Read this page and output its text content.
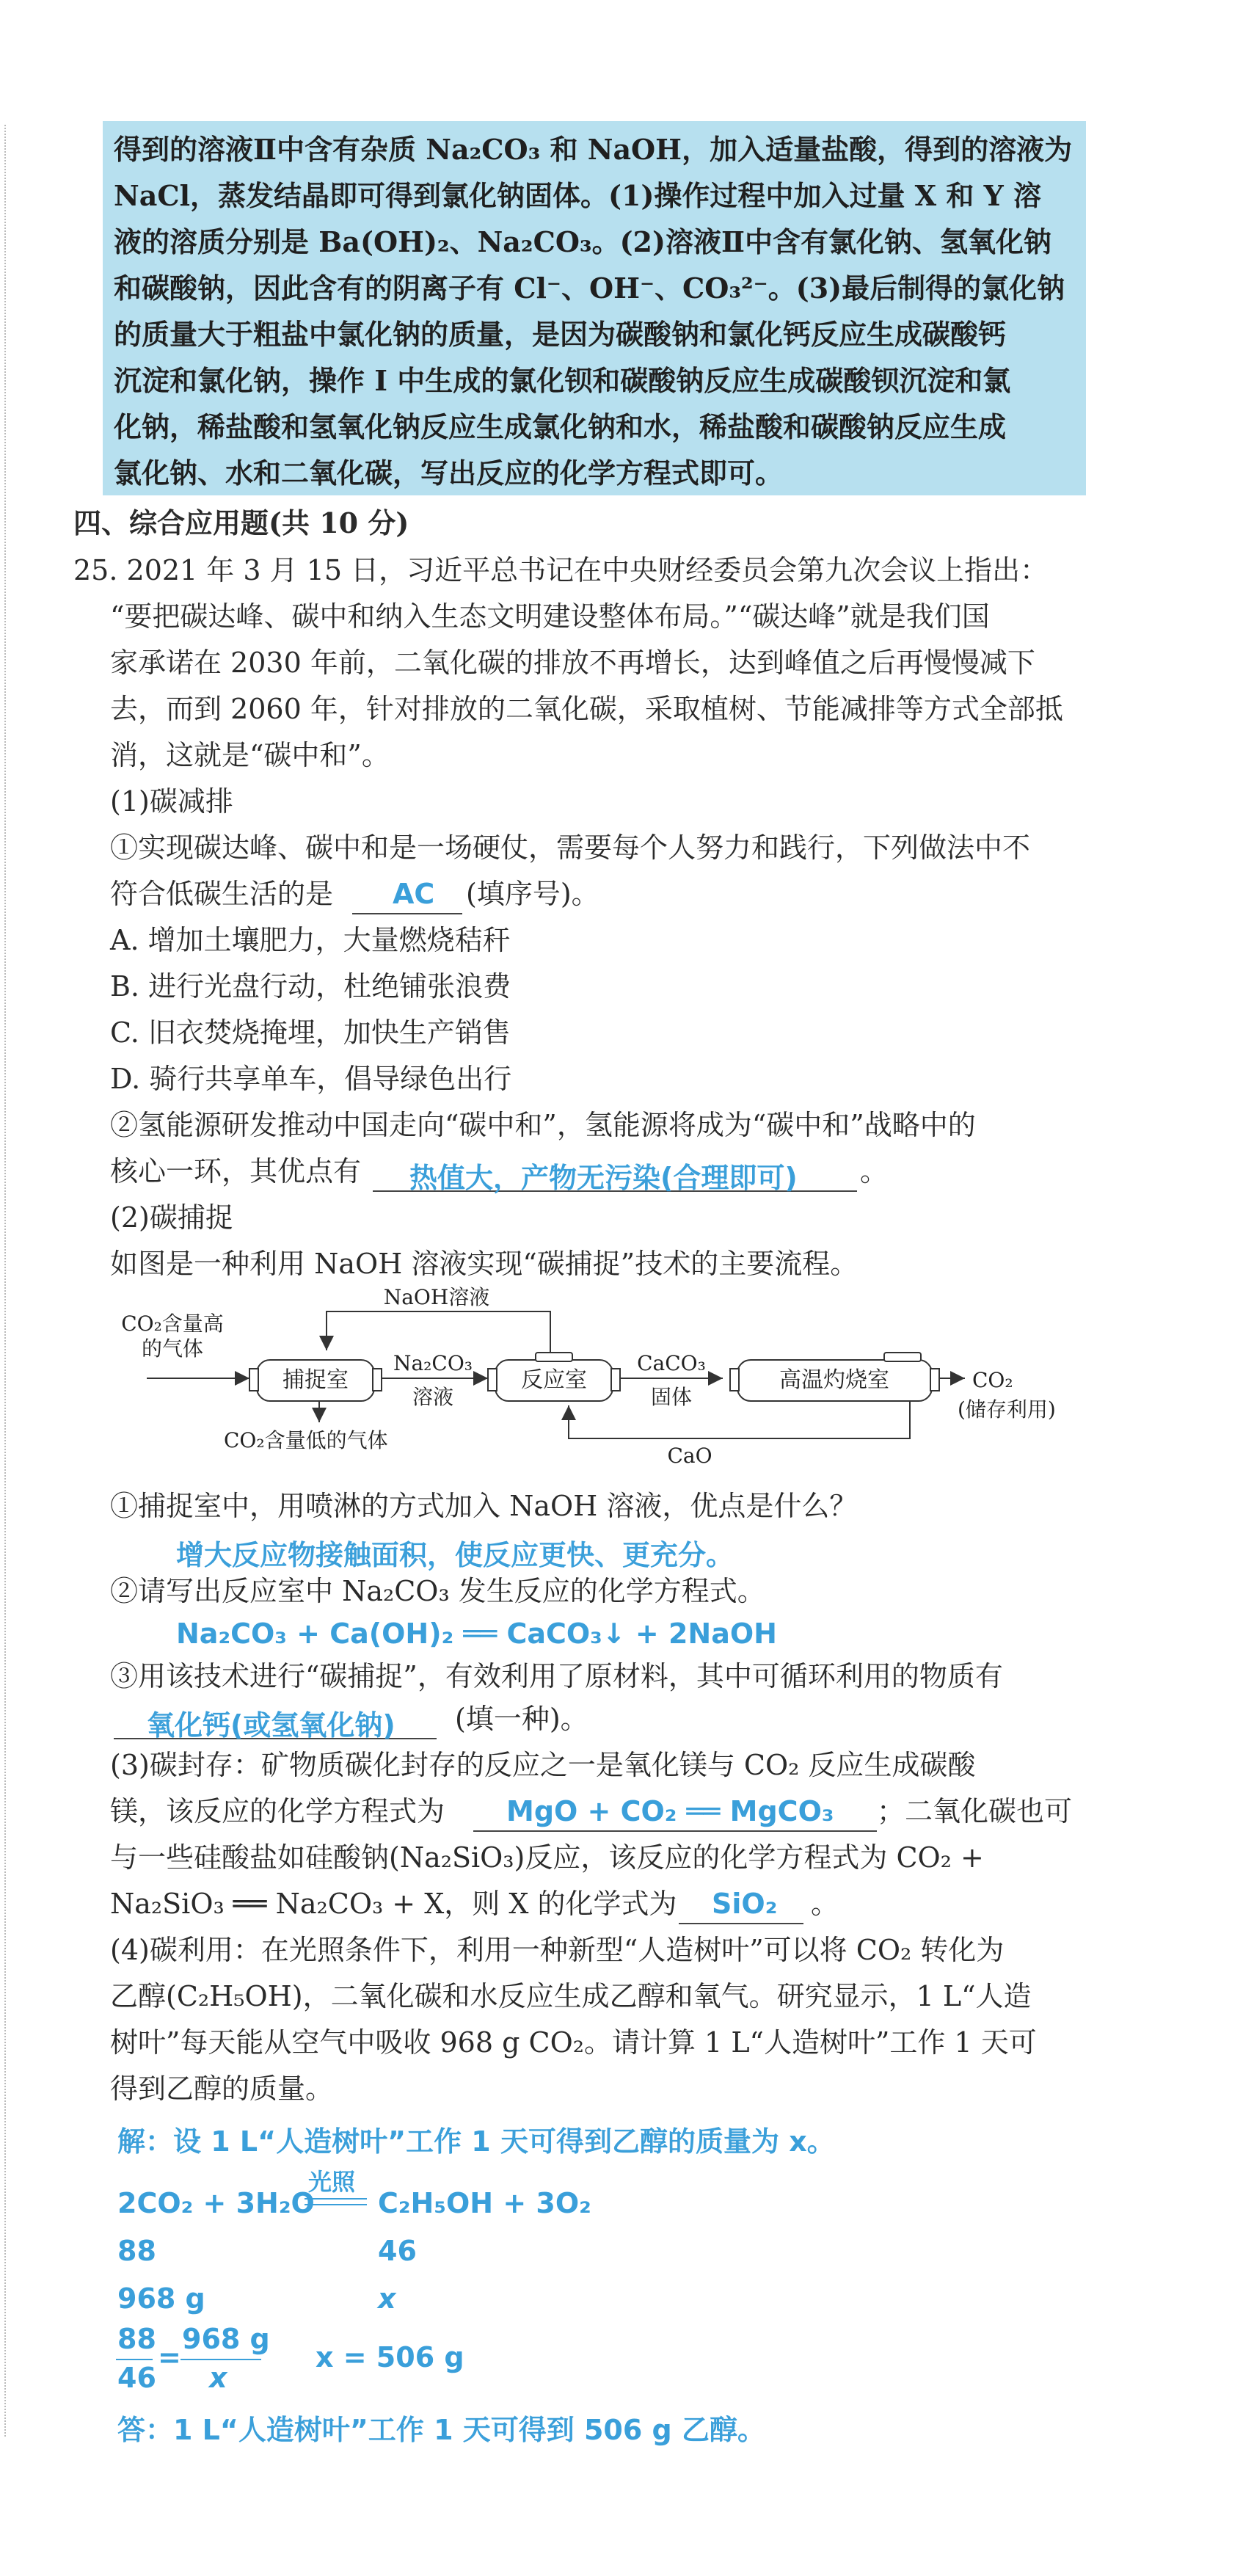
得到的溶液Ⅱ中含有杂质 Na₂CO₃ 和 NaOH，加入适量盐酸，得到的溶液为
NaCl，蒸发结晶即可得到氯化钠固体。(1)操作过程中加入过量 X 和 Y 溶
液的溶质分别是 Ba(OH)₂、Na₂CO₃。(2)溶液Ⅱ中含有氯化钠、氢氧化钠
和碳酸钠，因此含有的阴离子有 Cl⁻、OH⁻、CO₃²⁻。(3)最后制得的氯化钠
的质量大于粗盐中氯化钠的质量，是因为碳酸钠和氯化钙反应生成碳酸钙
沉淀和氯化钠，操作 Ⅰ 中生成的氯化钡和碳酸钠反应生成碳酸钡沉淀和氯
化钠，稀盐酸和氢氧化钠反应生成氯化钠和水，稀盐酸和碳酸钠反应生成
氯化钠、水和二氧化碳，写出反应的化学方程式即可。
四、综合应用题(共 10 分)
25. 2021 年 3 月 15 日，习近平总书记在中央财经委员会第九次会议上指出：
“要把碳达峰、碳中和纳入生态文明建设整体布局。”“碳达峰”就是我们国
家承诺在 2030 年前，二氧化碳的排放不再增长，达到峰值之后再慢慢减下
去，而到 2060 年，针对排放的二氧化碳，采取植树、节能减排等方式全部抵
消，这就是“碳中和”。
(1)碳减排
①实现碳达峰、碳中和是一场硬仗，需要每个人努力和践行，下列做法中不
符合低碳生活的是 AC (填序号)。
A. 增加土壤肥力，大量燃烧秸秆
B. 进行光盘行动，杜绝铺张浪费
C. 旧衣焚烧掩埋，加快生产销售
D. 骑行共享单车，倡导绿色出行
②氢能源研发推动中国走向“碳中和”，氢能源将成为“碳中和”战略中的
核心一环，其优点有 热值大，产物无污染(合理即可) 。
(2)碳捕捉
如图是一种利用 NaOH 溶液实现“碳捕捉”技术的主要流程。
捕捉室	反应室	高温灼烧室
NaOH溶液
CO₂含量高
的气体
Na₂CO₃
溶液
CaCO₃
固体
CO₂
(储存利用)
CO₂含量低的气体
CaO
①捕捉室中，用喷淋的方式加入 NaOH 溶液，优点是什么？
增大反应物接触面积，使反应更快、更充分。
②请写出反应室中 Na₂CO₃ 发生反应的化学方程式。
Na₂CO₃ + Ca(OH)₂ ══ CaCO₃↓ + 2NaOH
③用该技术进行“碳捕捉”，有效利用了原材料，其中可循环利用的物质有
氧化钙(或氢氧化钠) (填一种)。
(3)碳封存：矿物质碳化封存的反应之一是氧化镁与 CO₂ 反应生成碳酸
镁，该反应的化学方程式为 MgO + CO₂ ══ MgCO₃ ；二氧化碳也可
与一些硅酸盐如硅酸钠(Na₂SiO₃)反应，该反应的化学方程式为 CO₂ +
Na₂SiO₃ ══ Na₂CO₃ + X，则 X 的化学式为 SiO₂ 。
(4)碳利用：在光照条件下，利用一种新型“人造树叶”可以将 CO₂ 转化为
乙醇(C₂H₅OH)，二氧化碳和水反应生成乙醇和氧气。研究显示，1 L“人造
树叶”每天能从空气中吸收 968 g CO₂。请计算 1 L“人造树叶”工作 1 天可
得到乙醇的质量。
解：设 1 L“人造树叶”工作 1 天可得到乙醇的质量为 x。
2CO₂ + 3H₂O
光照
C₂H₅OH + 3O₂
88	46
968 g	x
88
46
=
968 g
x
x = 506 g
答：1 L“人造树叶”工作 1 天可得到 506 g 乙醇。
